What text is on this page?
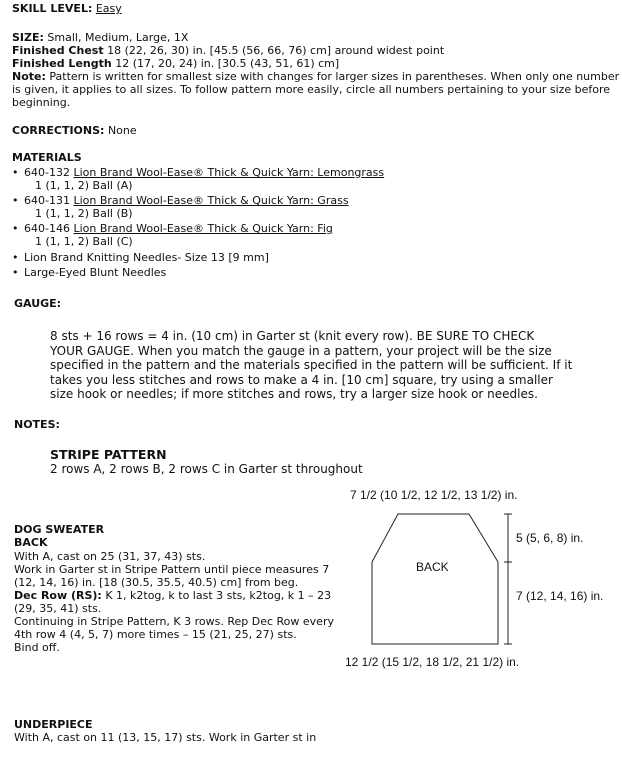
SKILL LEVEL: Easy
SIZE: Small, Medium, Large, 1X
Finished Chest 18 (22, 26, 30) in. [45.5 (56, 66, 76) cm] around widest point
Finished Length 12 (17, 20, 24) in. [30.5 (43, 51, 61) cm]
Note: Pattern is written for smallest size with changes for larger sizes in parentheses. When only one number
is given, it applies to all sizes. To follow pattern more easily, circle all numbers pertaining to your size before
beginning.
CORRECTIONS: None
MATERIALS
• 640-132 Lion Brand Wool-Ease® Thick & Quick Yarn: Lemongrass
1 (1, 1, 2) Ball (A)
• 640-131 Lion Brand Wool-Ease® Thick & Quick Yarn: Grass
1 (1, 1, 2) Ball (B)
• 640-146 Lion Brand Wool-Ease® Thick & Quick Yarn: Fig
1 (1, 1, 2) Ball (C)
• Lion Brand Knitting Needles- Size 13 [9 mm]
• Large-Eyed Blunt Needles
GAUGE:
8 sts + 16 rows = 4 in. (10 cm) in Garter st (knit every row). BE SURE TO CHECK
YOUR GAUGE. When you match the gauge in a pattern, your project will be the size
specified in the pattern and the materials specified in the pattern will be sufficient. If it
takes you less stitches and rows to make a 4 in. [10 cm] square, try using a smaller
size hook or needles; if more stitches and rows, try a larger size hook or needles.
NOTES:
STRIPE PATTERN
2 rows A, 2 rows B, 2 rows C in Garter st throughout
DOG SWEATER
BACK
With A, cast on 25 (31, 37, 43) sts.
Work in Garter st in Stripe Pattern until piece measures 7
(12, 14, 16) in. [18 (30.5, 35.5, 40.5) cm] from beg.
Dec Row (RS): K 1, k2tog, k to last 3 sts, k2tog, k 1 – 23
(29, 35, 41) sts.
Continuing in Stripe Pattern, K 3 rows. Rep Dec Row every
4th row 4 (4, 5, 7) more times – 15 (21, 25, 27) sts.
Bind off.
7 1/2 (10 1/2, 12 1/2, 13 1/2) in.
5 (5, 6, 8) in.
7 (12, 14, 16) in.
BACK
12 1/2 (15 1/2, 18 1/2, 21 1/2) in.
UNDERPIECE
With A, cast on 11 (13, 15, 17) sts. Work in Garter st in
